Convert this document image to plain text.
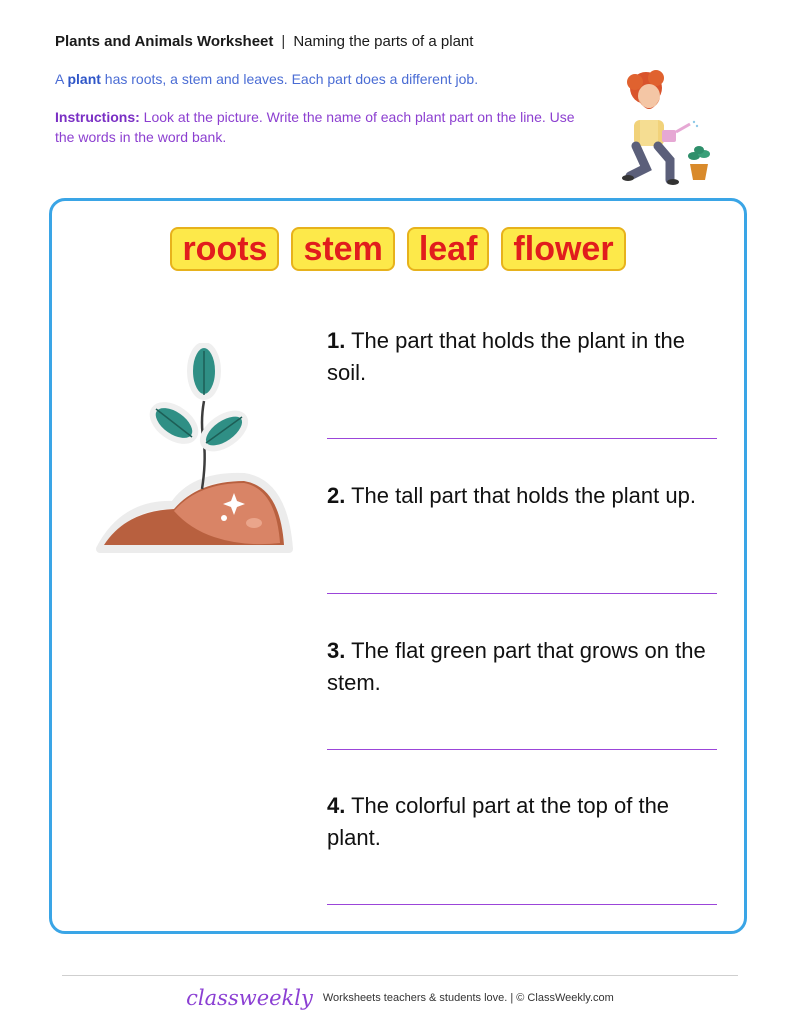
Plants and Animals Worksheet | Naming the parts of a plant
A plant has roots, a stem and leaves. Each part does a different job.
Instructions: Look at the picture. Write the name of each plant part on the line. Use the words in the word bank.
roots	stem	leaf	flower
1. The part that holds the plant in the soil.
2. The tall part that holds the plant up.
3. The flat green part that grows on the stem.
4. The colorful part at the top of the plant.
classweekly Worksheets teachers & students love. | © ClassWeekly.com
